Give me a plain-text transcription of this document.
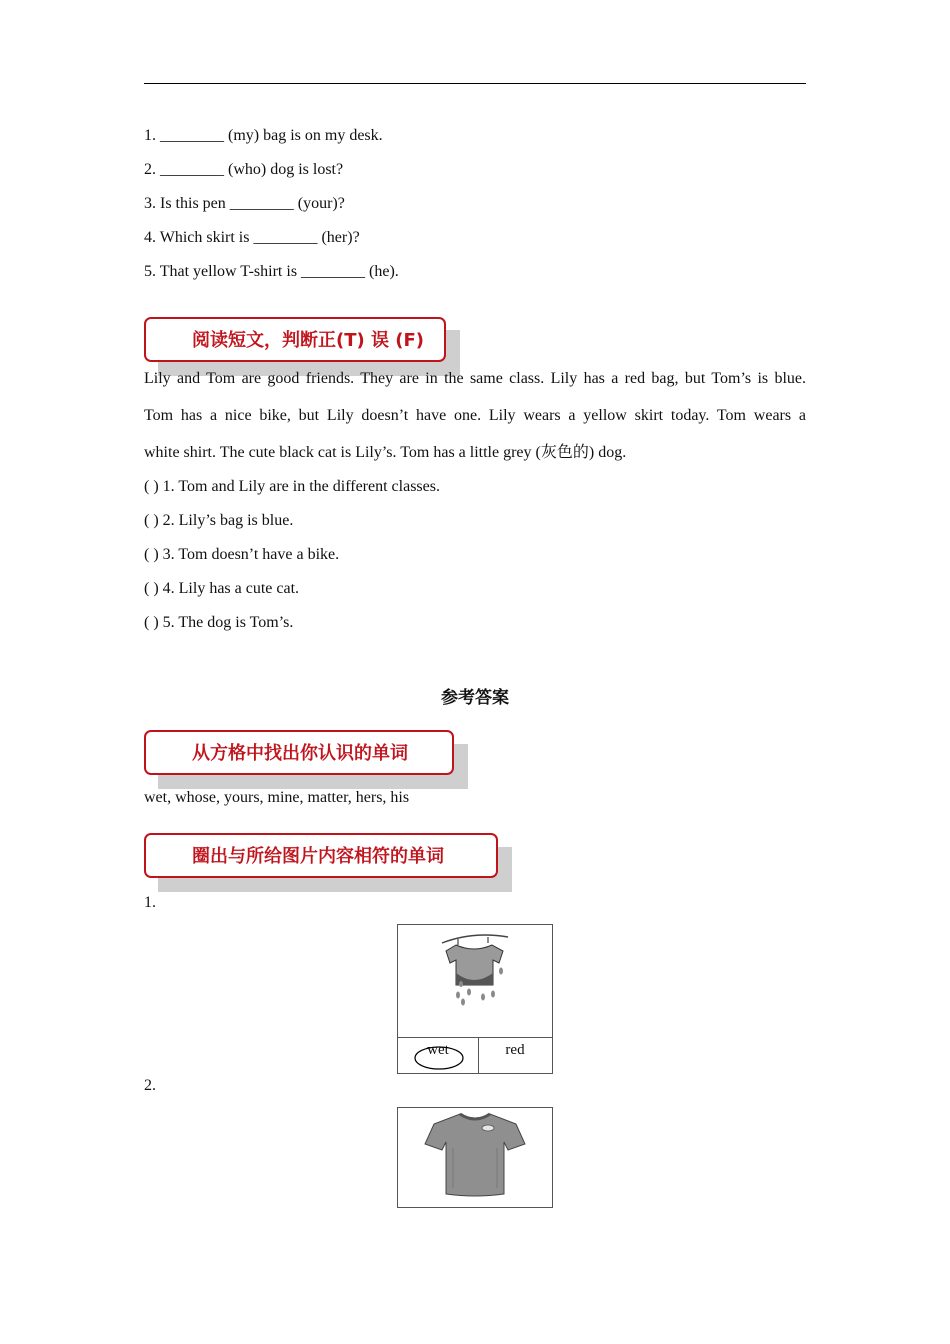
1. ________ (my) bag is on my desk.
2. ________ (who) dog is lost?
3. Is this pen ________ (your)?
4. Which skirt is ________ (her)?
5. That yellow T-shirt is ________ (he).
阅读短文，判断正(T) 误 (F)
Lily and Tom are good friends. They are in the same class. Lily has a red bag, but Tom’s is blue.
Tom has a nice bike, but Lily doesn’t have one. Lily wears a yellow skirt today. Tom wears a
white shirt. The cute black cat is Lily’s. Tom has a little grey (灰色的) dog.
( ) 1. Tom and Lily are in the different classes.
( ) 2. Lily’s bag is blue.
( ) 3. Tom doesn’t have a bike.
( ) 4. Lily has a cute cat.
( ) 5. The dog is Tom’s.
参考答案
从方格中找出你认识的单词
wet, whose, yours, mine, matter, hers, his
圈出与所给图片内容相符的单词
1.
wet	red
2.
